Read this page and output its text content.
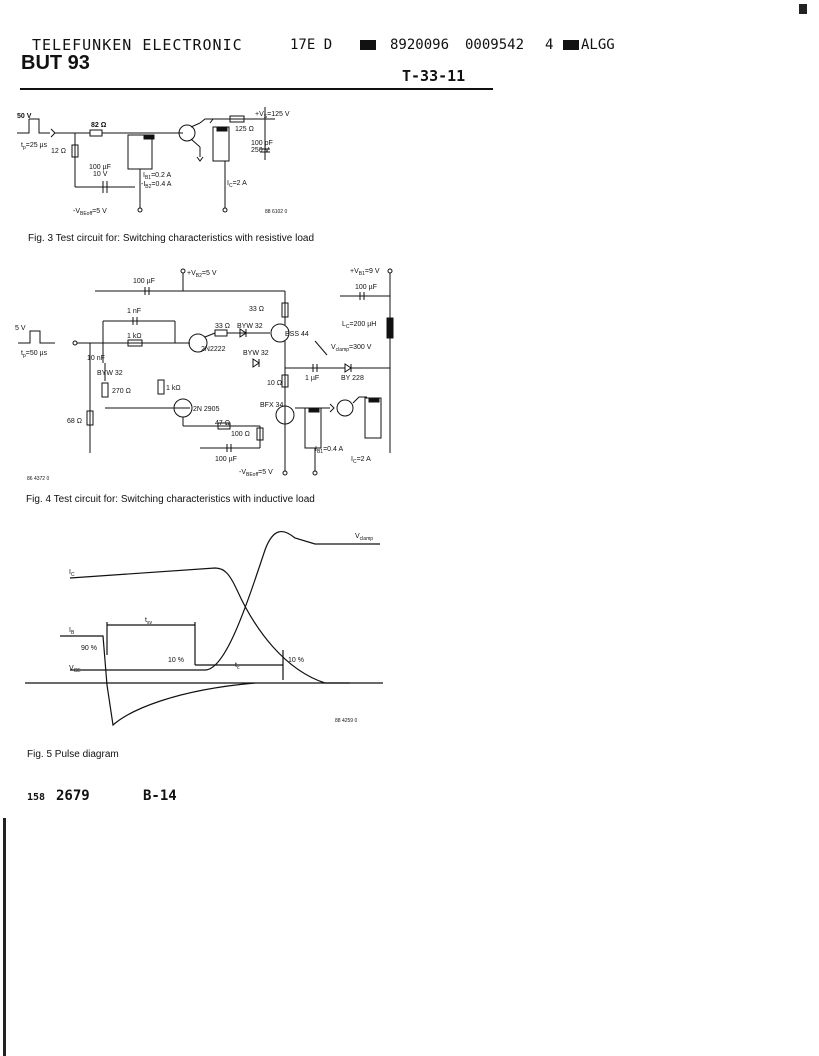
TELEFUNKEN ELECTRONIC	17E D	8920096 0009542 4 ALGG
BUT 93
T-33-11
50 V
$t_p=25$ µs
82 Ω
12 Ω
100 µF
10 V
$-V_{BEoff}=5$ V
$I_{B1}=0.2$ A
$-I_{B2}=0.4$ A
125 Ω
$+V_S=125$ V
100 pF
250 V
$I_C=2$ A
88 6102 0
Fig. 3 Test circuit for: Switching characteristics with resistive load
$+V_{B2}=5$ V
100 µF
$+V_{B1}=9$ V
100 µF
$L_C=200$ µH
$V_{clamp}=300$ V
5 V
$t_p=50$ µs
68 Ω
1 nF
1 kΩ
10 nF
BYW 32
270 Ω	1 kΩ
2N2222
33 Ω BYW 32
BSS 44
33 Ω
BYW 32
10 Ω
1 µF	BY 228
2N 2905
47 Ω
BFX 34
100 Ω
100 µF
$-V_{BEoff}=5$ V
$I_{B1}=0.4$ A
$I_C=2$ A
86 4372 0
Fig. 4 Test circuit for: Switching characteristics with inductive load
$V_{clamp}$
$I_C$
$I_B$
$t_{sv}$
90 %
10 %	10 %
$t_c$
$V_{CE}$
88 4259 0
Fig. 5 Pulse diagram
158 2679	B-14
